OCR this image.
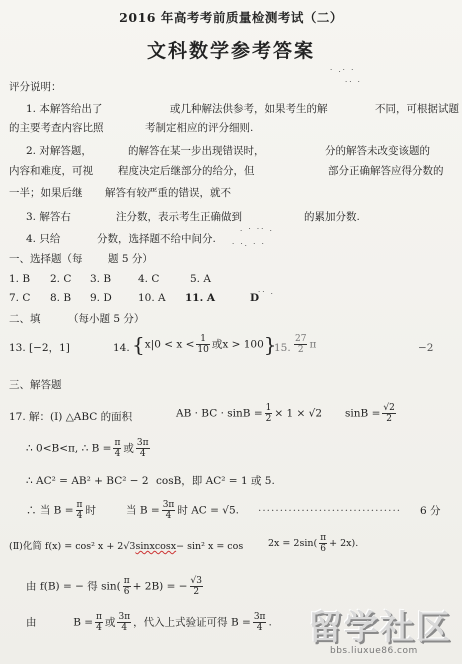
2016 年高考考前质量检测考试（二）
文科数学参考答案
· .· ·
·· ·
. · ·· .
· ·. · ·
·· .
评分说明：
1. 本解答给出了	或几种解法供参考，如果考生的解	不同，可根据试题
的主要考查内容比照	考制定相应的评分细则.
2. 对解答题，	的解答在某一步出现错误时，	分的解答未改变该题的
内容和难度，可视 程度决定后继部分的给分，但	部分正确解答应得分数的
一半；如果后继 解答有较严重的错误，就不
3. 解答右	注分数，表示考生正确做到	的累加分数.
4. 只给	分数，选择题不给中间分.
一、选择题（每 题 5 分）
1. B 2. C 3. B	4. C	5. A
7. C 8. B 9. D 10. A 11. A	D
二、填	（每小题 5 分）
13. [−2，1]	14. {$x|0 < x < \frac{1}{10}$ 或x > 100}
15. $\frac{27}{2}$ π	−2
三、解答题
17. 解：(Ⅰ) △ABC 的面积	AB · BC · $\sin B = \frac{1}{2} \times 1 \times √2$ $\sin B = \frac{√2}{2}$
∴ 0<B<π, ∴ $B = \frac{\pi}{4}$ 或 $\frac{3\pi}{4}$
∴ AC² = AB² + BC² − 2 cosB，即 AC² = 1 或 5.
∴ 当 $B = \frac{\pi}{4}$ 时	当 $B = \frac{3\pi}{4}$ 时 AC = √5. ································· 6 分
(Ⅱ)化简 f(x) = cos² x + 2√3sinxcosx− sin² x = cos	$2x = 2\sin( \frac{\pi}{6} + 2x)$.
由 f(B) = − 得 $\sin( \frac{\pi}{6} + 2B)$ = − $\frac{√3}{2}$
由	$B = \frac{\pi}{4}$ 或 $\frac{3\pi}{4}$ ，代入上式验证可得 $B = \frac{3\pi}{4}$ . 留学社区
bbs.liuxue86.com
